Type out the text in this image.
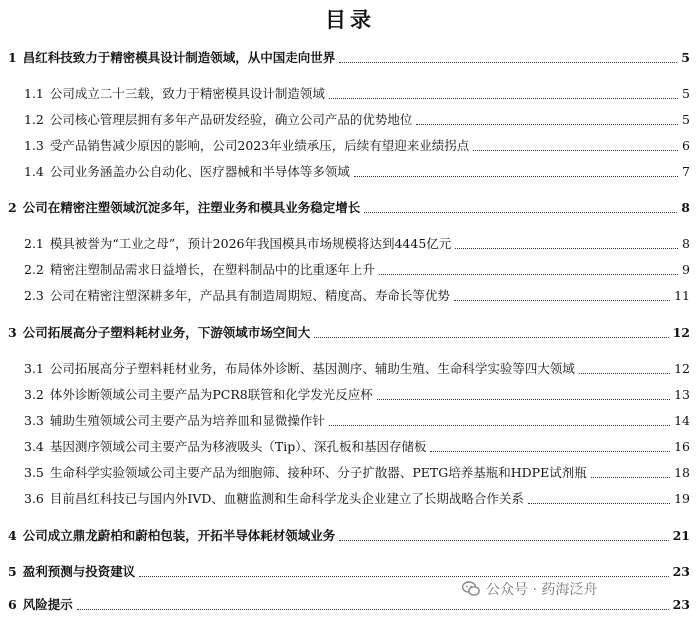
目录
1 昌红科技致力于精密模具设计制造领域，从中国走向世界	5
1.1 公司成立二十三载，致力于精密模具设计制造领域	5
1.2 公司核心管理层拥有多年产品研发经验，确立公司产品的优势地位	5
1.3 受产品销售减少原因的影响，公司2023年业绩承压，后续有望迎来业绩拐点	6
1.4 公司业务涵盖办公自动化、医疗器械和半导体等多领域	7
2 公司在精密注塑领域沉淀多年，注塑业务和模具业务稳定增长	8
2.1 模具被誉为“工业之母”，预计2026年我国模具市场规模将达到4445亿元	8
2.2 精密注塑制品需求日益增长，在塑料制品中的比重逐年上升	9
2.3 公司在精密注塑深耕多年，产品具有制造周期短、精度高、寿命长等优势	11
3 公司拓展高分子塑料耗材业务，下游领域市场空间大	12
3.1 公司拓展高分子塑料耗材业务，布局体外诊断、基因测序、辅助生殖、生命科学实验等四大领域	12
3.2 体外诊断领域公司主要产品为PCR8联管和化学发光反应杯	13
3.3 辅助生殖领域公司主要产品为培养皿和显微操作针	14
3.4 基因测序领域公司主要产品为移液吸头（Tip）、深孔板和基因存储板	16
3.5 生命科学实验领域公司主要产品为细胞筛、接种环、分子扩散器、PETG培养基瓶和HDPE试剂瓶	18
3.6 目前昌红科技已与国内外IVD、血糖监测和生命科学龙头企业建立了长期战略合作关系	19
4 公司成立鼎龙蔚柏和蔚柏包装，开拓半导体耗材领域业务	21
5 盈利预测与投资建议	23
6 风险提示	23
公众号 · 药海泛舟
